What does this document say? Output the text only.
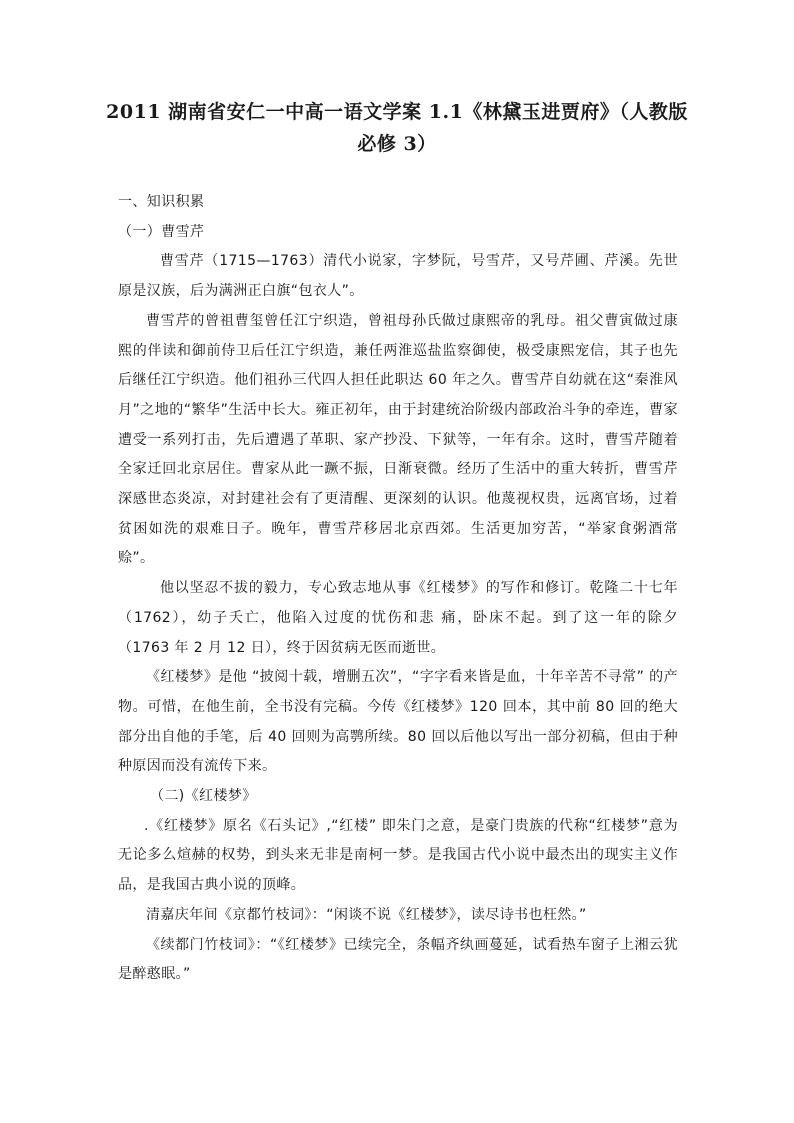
2011 湖南省安仁一中高一语文学案 1.1《林黛玉进贾府》（人教版必修 3）

一、知识积累

（一）曹雪芹

曹雪芹（1715—1763）清代小说家，字梦阮，号雪芹，又号芹圃、芹溪。先世原是汉族，后为满洲正白旗“包衣人”。

曹雪芹的曾祖曹玺曾任江宁织造，曾祖母孙氏做过康熙帝的乳母。祖父曹寅做过康熙的伴读和御前侍卫后任江宁织造，兼任两淮巡盐监察御使，极受康熙宠信，其子也先后继任江宁织造。他们祖孙三代四人担任此职达 60 年之久。曹雪芹自幼就在这“秦淮风月”之地的“繁华”生活中长大。雍正初年，由于封建统治阶级内部政治斗争的牵连，曹家遭受一系列打击，先后遭遇了革职、家产抄没、下狱等，一年有余。这时，曹雪芹随着全家迁回北京居住。曹家从此一蹶不振，日渐衰微。经历了生活中的重大转折，曹雪芹深感世态炎凉，对封建社会有了更清醒、更深刻的认识。他蔑视权贵，远离官场，过着贫困如洗的艰难日子。晚年，曹雪芹移居北京西郊。生活更加穷苦，“举家食粥酒常赊”。

他以坚忍不拔的毅力，专心致志地从事《红楼梦》的写作和修订。乾隆二十七年（1762），幼子夭亡，他陷入过度的忧伤和悲 痛，卧床不起。到了这一年的除夕（1763 年 2 月 12 日），终于因贫病无医而逝世。

《红楼梦》是他 “披阅十载，增删五次”，“字字看来皆是血，十年辛苦不寻常” 的产物。可惜，在他生前，全书没有完稿。今传《红楼梦》120 回本，其中前 80 回的绝大部分出自他的手笔，后 40 回则为高鹗所续。80 回以后他以写出一部分初稿，但由于种种原因而没有流传下来。

（二)《红楼梦》

.《红楼梦》原名《石头记》,“红楼” 即朱门之意，是豪门贵族的代称“红楼梦”意为无论多么煊赫的权势，到头来无非是南柯一梦。是我国古代小说中最杰出的现实主义作品，是我国古典小说的顶峰。

清嘉庆年间《京都竹枝词》：“闲谈不说《红楼梦》，读尽诗书也枉然。”

《续都门竹枝词》：“《红楼梦》已续完全，条幅齐纨画蔓延，试看热车窗子上湘云犹是醉憨眠。”
